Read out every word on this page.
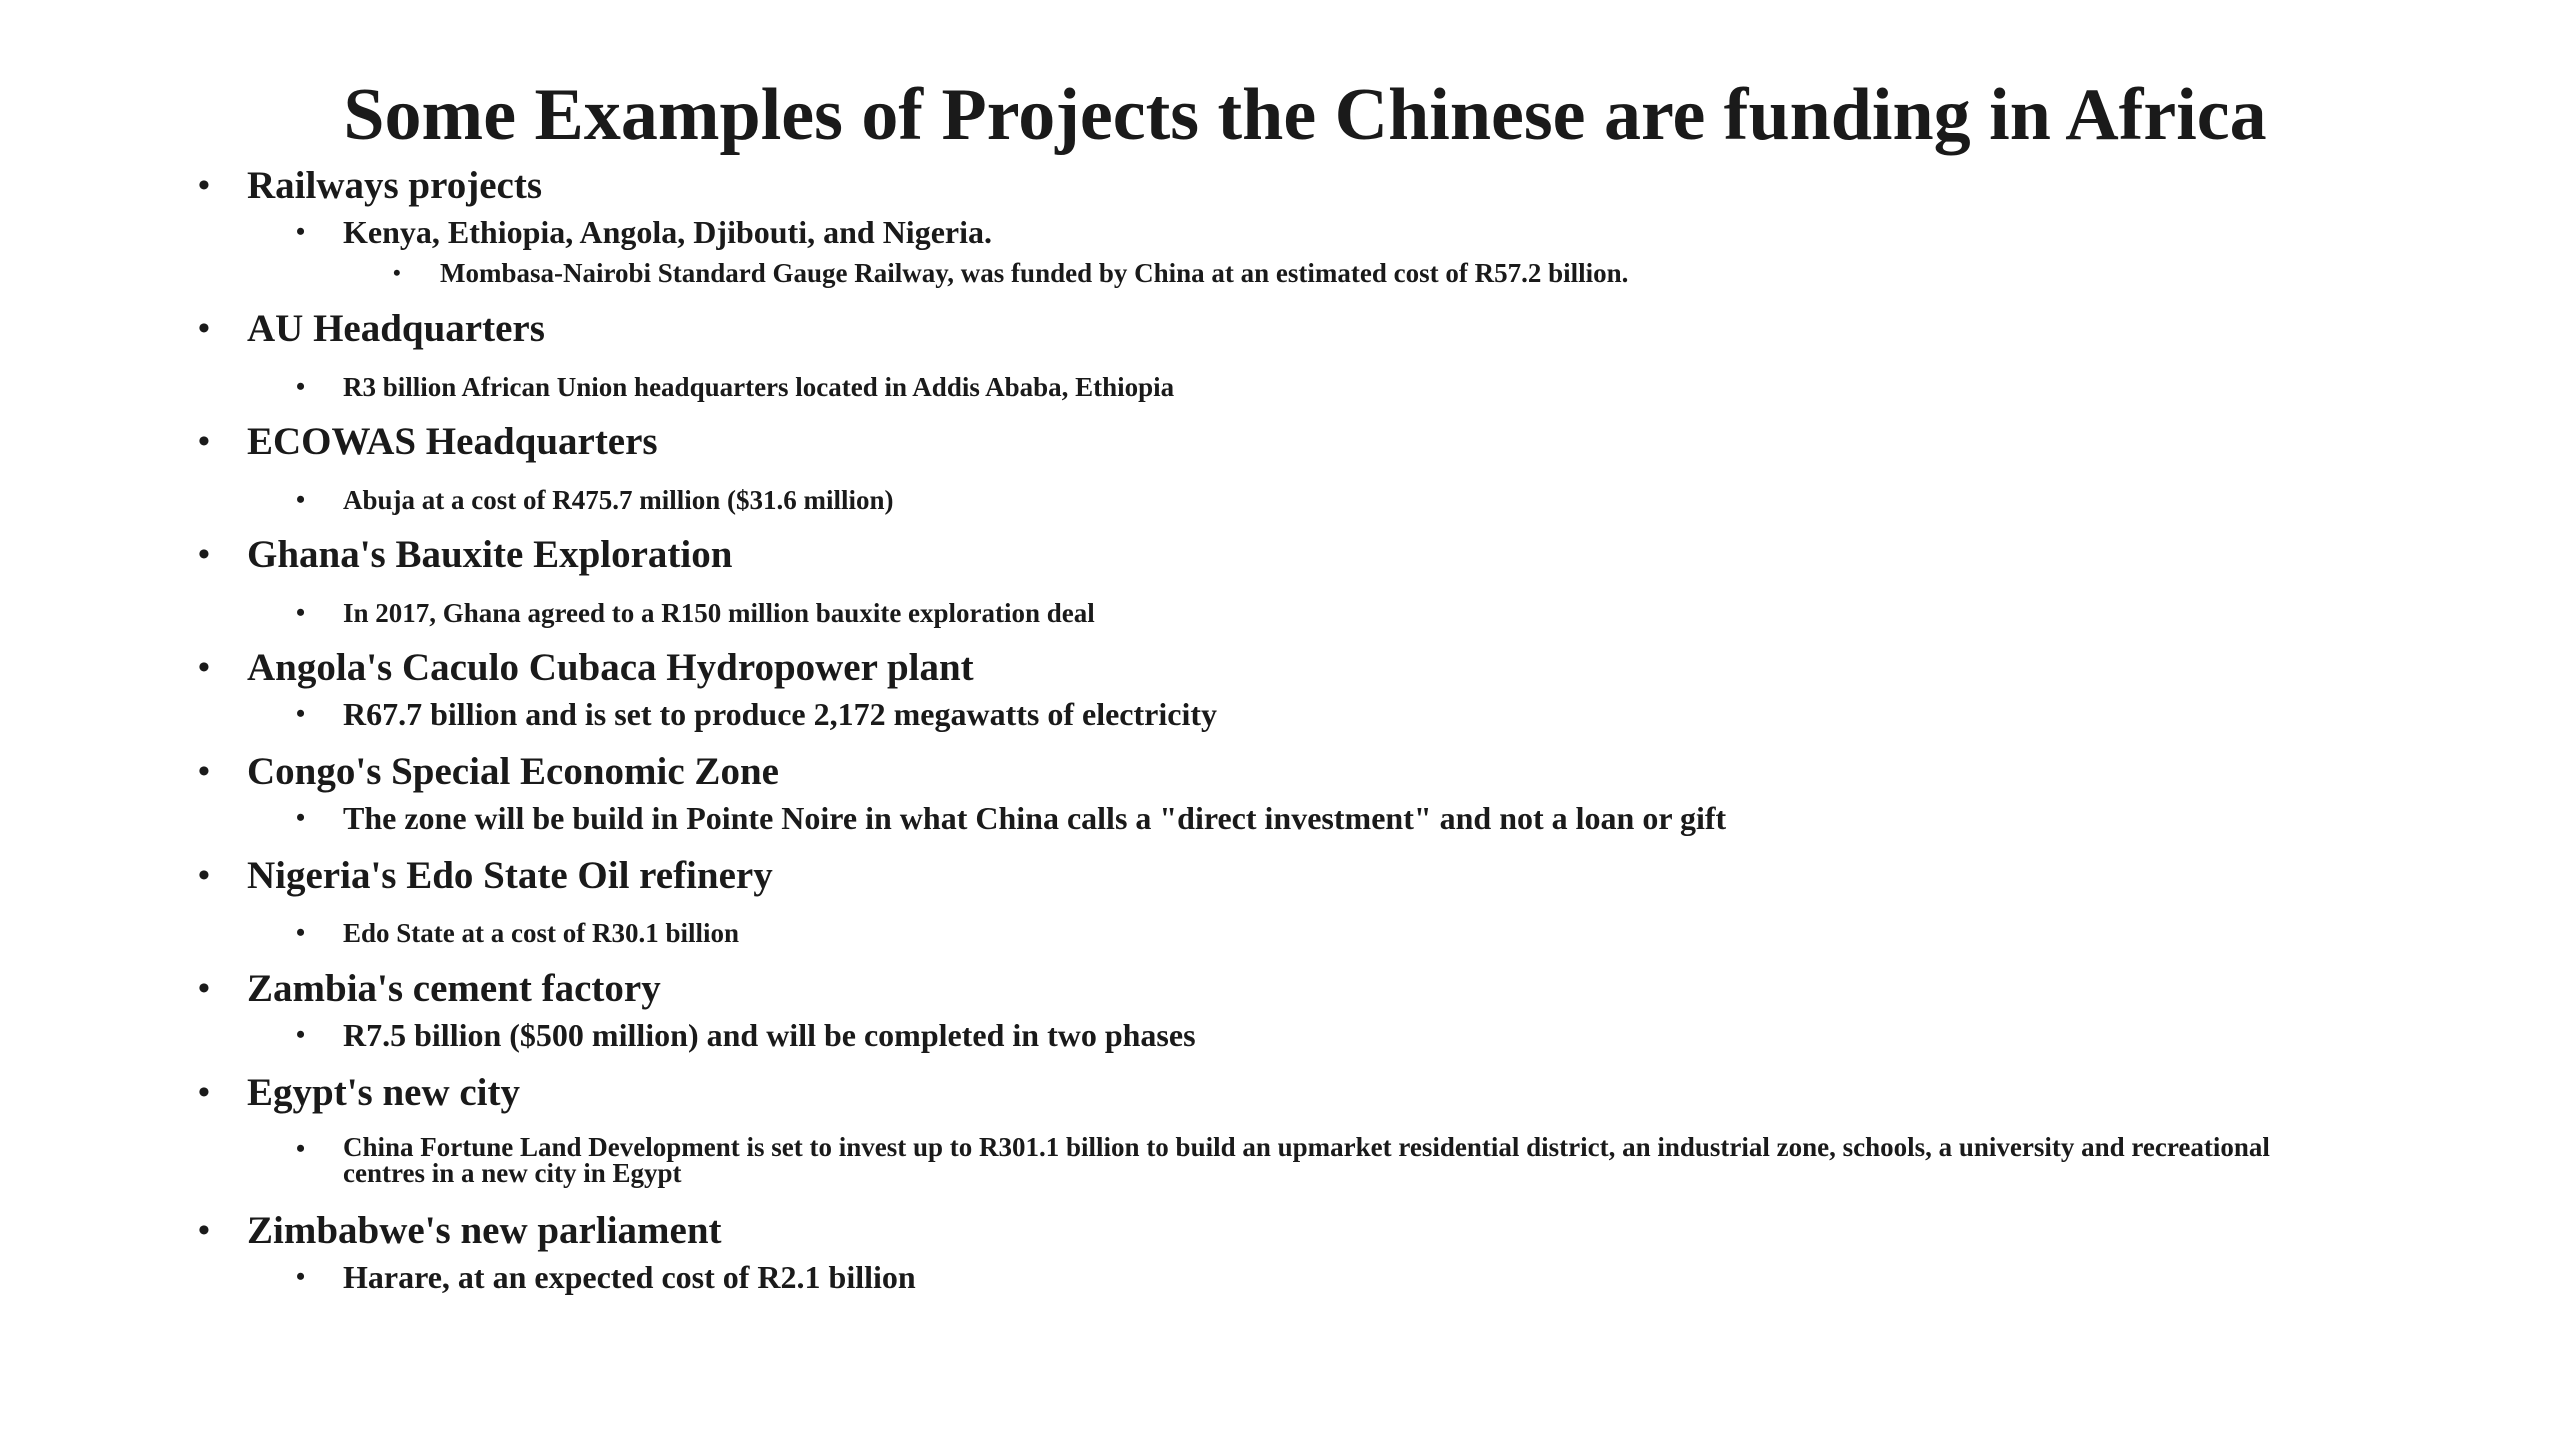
Some Examples of Projects the Chinese are funding in Africa
• Railways projects
• Kenya, Ethiopia, Angola, Djibouti, and Nigeria.
• Mombasa-Nairobi Standard Gauge Railway, was funded by China at an estimated cost of R57.2 billion.
• AU Headquarters
• R3 billion African Union headquarters located in Addis Ababa, Ethiopia
• ECOWAS Headquarters
• Abuja at a cost of R475.7 million ($31.6 million)
• Ghana's Bauxite Exploration
• In 2017, Ghana agreed to a R150 million bauxite exploration deal
• Angola's Caculo Cubaca Hydropower plant
• R67.7 billion and is set to produce 2,172 megawatts of electricity
• Congo's Special Economic Zone
• The zone will be build in Pointe Noire in what China calls a "direct investment" and not a loan or gift
• Nigeria's Edo State Oil refinery
• Edo State at a cost of R30.1 billion
• Zambia's cement factory
• R7.5 billion ($500 million) and will be completed in two phases
• Egypt's new city
• China Fortune Land Development is set to invest up to R301.1 billion to build an upmarket residential district, an industrial zone, schools, a university and recreational centres in a new city in Egypt
• Zimbabwe's new parliament
• Harare, at an expected cost of R2.1 billion
